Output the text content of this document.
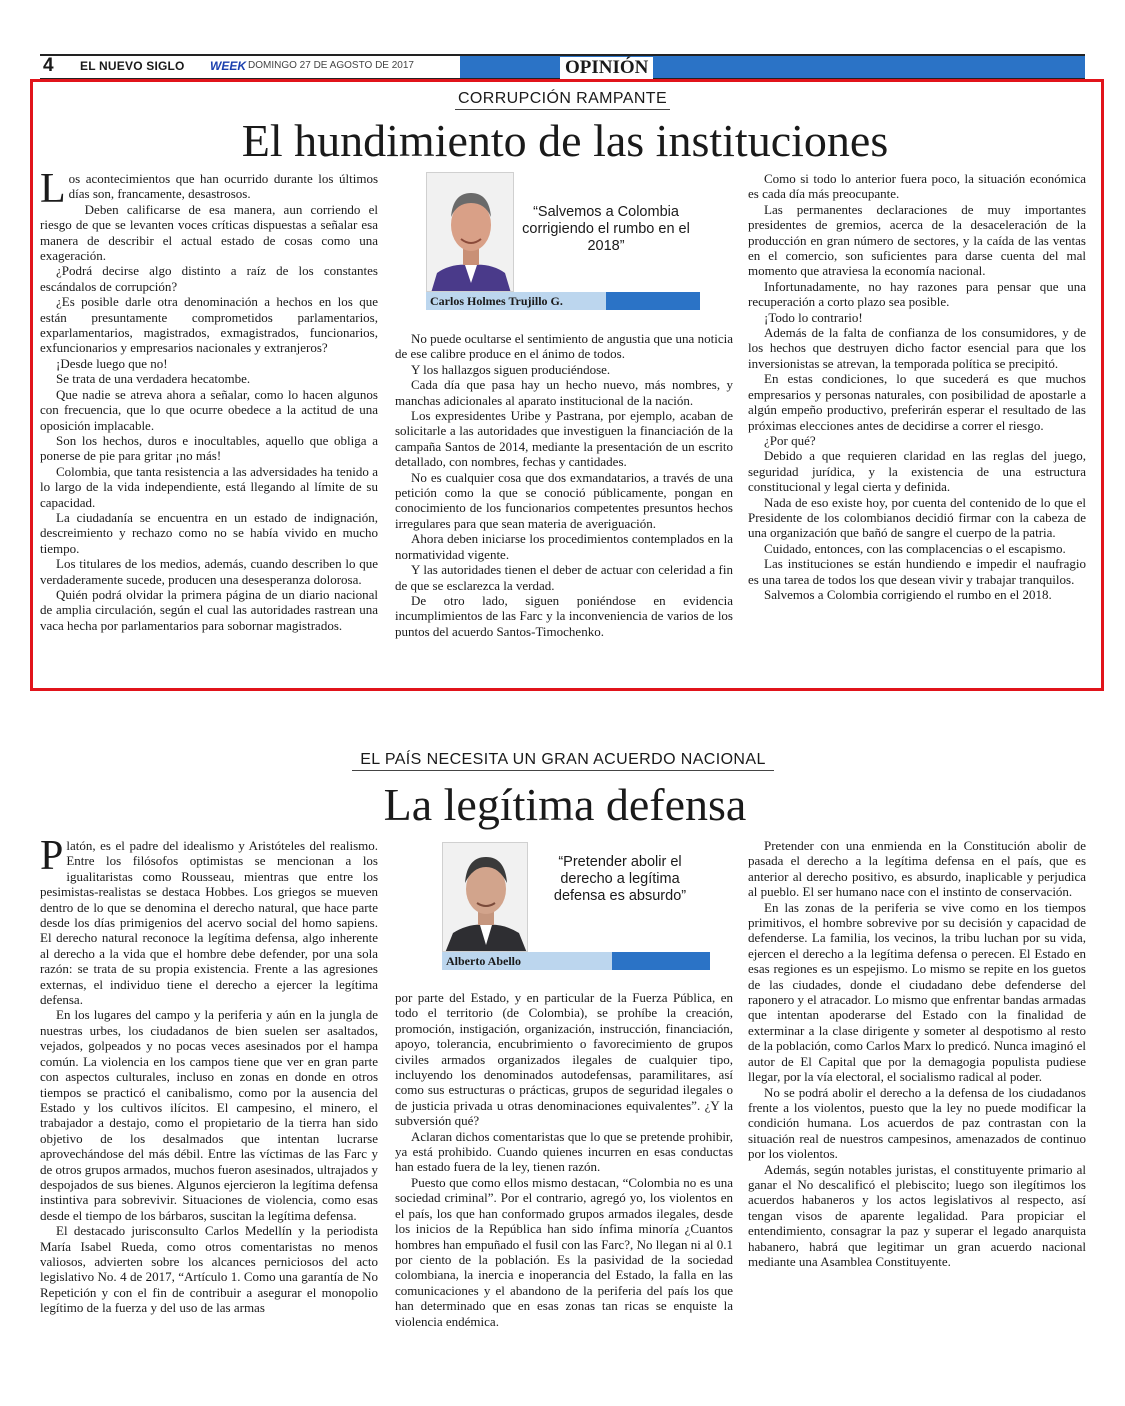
4 EL NUEVO SIGLO WEEK DOMINGO 27 DE AGOSTO DE 2017	OPINIÓN
CORRUPCIÓN RAMPANTE
El hundimiento de las instituciones

Los acontecimientos que han ocurrido durante los últimos días son, francamente, desastrosos.

Deben calificarse de esa manera, aun corriendo el riesgo de que se levanten voces críticas dispuestas a señalar esa manera de describir el actual estado de cosas como una exageración.

¿Podrá decirse algo distinto a raíz de los constantes escándalos de corrupción?

¿Es posible darle otra denominación a hechos en los que están presuntamente comprometidos parlamentarios, exparlamentarios, magistrados, exmagistrados, funcionarios, exfuncionarios y empresarios nacionales y extranjeros?

¡Desde luego que no!

Se trata de una verdadera hecatombe.

Que nadie se atreva ahora a señalar, como lo hacen algunos con frecuencia, que lo que ocurre obedece a la actitud de una oposición implacable.

Son los hechos, duros e inocultables, aquello que obliga a ponerse de pie para gritar ¡no más!

Colombia, que tanta resistencia a las adversidades ha tenido a lo largo de la vida independiente, está llegando al límite de su capacidad.

La ciudadanía se encuentra en un estado de indignación, descreimiento y rechazo como no se había vivido en mucho tiempo.

Los titulares de los medios, además, cuando describen lo que verdaderamente sucede, producen una desesperanza dolorosa.

Quién podrá olvidar la primera página de un diario nacional de amplia circulación, según el cual las autoridades rastrean una vaca hecha por parlamentarios para sobornar magistrados.

Carlos Holmes Trujillo G.
“Salvemos a Colombia corrigiendo el rumbo en el 2018”

No puede ocultarse el sentimiento de angustia que una noticia de ese calibre produce en el ánimo de todos.

Y los hallazgos siguen produciéndose.

Cada día que pasa hay un hecho nuevo, más nombres, y manchas adicionales al aparato institucional de la nación.

Los expresidentes Uribe y Pastrana, por ejemplo, acaban de solicitarle a las autoridades que investiguen la financiación de la campaña Santos de 2014, mediante la presentación de un escrito detallado, con nombres, fechas y cantidades.

No es cualquier cosa que dos exmandatarios, a través de una petición como la que se conoció públicamente, pongan en conocimiento de los funcionarios competentes presuntos hechos irregulares para que sean materia de averiguación.

Ahora deben iniciarse los procedimientos contemplados en la normatividad vigente.

Y las autoridades tienen el deber de actuar con celeridad a fin de que se esclarezca la verdad.

De otro lado, siguen poniéndose en evidencia incumplimientos de las Farc y la inconveniencia de varios de los puntos del acuerdo Santos-Timochenko.

Como si todo lo anterior fuera poco, la situación económica es cada día más preocupante.

Las permanentes declaraciones de muy importantes presidentes de gremios, acerca de la desaceleración de la producción en gran número de sectores, y la caída de las ventas en el comercio, son suficientes para darse cuenta del mal momento que atraviesa la economía nacional.

Infortunadamente, no hay razones para pensar que una recuperación a corto plazo sea posible.

¡Todo lo contrario!

Además de la falta de confianza de los consumidores, y de los hechos que destruyen dicho factor esencial para que los inversionistas se atrevan, la temporada política se precipitó.

En estas condiciones, lo que sucederá es que muchos empresarios y personas naturales, con posibilidad de apostarle a algún empeño productivo, preferirán esperar el resultado de las próximas elecciones antes de decidirse a correr el riesgo.

¿Por qué?

Debido a que requieren claridad en las reglas del juego, seguridad jurídica, y la existencia de una estructura constitucional y legal cierta y definida.

Nada de eso existe hoy, por cuenta del contenido de lo que el Presidente de los colombianos decidió firmar con la cabeza de una organización que bañó de sangre el cuerpo de la patria.

Cuidado, entonces, con las complacencias o el escapismo.

Las instituciones se están hundiendo e impedir el naufragio es una tarea de todos los que desean vivir y trabajar tranquilos.

Salvemos a Colombia corrigiendo el rumbo en el 2018.

EL PAÍS NECESITA UN GRAN ACUERDO NACIONAL
La legítima defensa

Platón, es el padre del idealismo y Aristóteles del realismo. Entre los filósofos optimistas se mencionan a los igualitaristas como Rousseau, mientras que entre los pesimistas-realistas se destaca Hobbes. Los griegos se mueven dentro de lo que se denomina el derecho natural, que hace parte desde los días primigenios del acervo social del homo sapiens. El derecho natural reconoce la legítima defensa, algo inherente al derecho a la vida que el hombre debe defender, por una sola razón: se trata de su propia existencia. Frente a las agresiones externas, el individuo tiene el derecho a ejercer la legítima defensa.

En los lugares del campo y la periferia y aún en la jungla de nuestras urbes, los ciudadanos de bien suelen ser asaltados, vejados, golpeados y no pocas veces asesinados por el hampa común. La violencia en los campos tiene que ver en gran parte con aspectos culturales, incluso en zonas en donde en otros tiempos se practicó el canibalismo, como por la ausencia del Estado y los cultivos ilícitos. El campesino, el minero, el trabajador a destajo, como el propietario de la tierra han sido objetivo de los desalmados que intentan lucrarse aprovechándose del más débil. Entre las víctimas de las Farc y de otros grupos armados, muchos fueron asesinados, ultrajados y despojados de sus bienes. Algunos ejercieron la legítima defensa instintiva para sobrevivir. Situaciones de violencia, como esas desde el tiempo de los bárbaros, suscitan la legítima defensa.

El destacado jurisconsulto Carlos Medellín y la periodista María Isabel Rueda, como otros comentaristas no menos valiosos, advierten sobre los alcances perniciosos del acto legislativo No. 4 de 2017, “Artículo 1. Como una garantía de No Repetición y con el fin de contribuir a asegurar el monopolio legítimo de la fuerza y del uso de las armas

Alberto Abello
“Pretender abolir el derecho a legítima defensa es absurdo”

por parte del Estado, y en particular de la Fuerza Pública, en todo el territorio (de Colombia), se prohíbe la creación, promoción, instigación, organización, instrucción, financiación, apoyo, tolerancia, encubrimiento o favorecimiento de grupos civiles armados organizados ilegales de cualquier tipo, incluyendo los denominados autodefensas, paramilitares, así como sus estructuras o prácticas, grupos de seguridad ilegales o de justicia privada u otras denominaciones equivalentes”. ¿Y la subversión qué?

Aclaran dichos comentaristas que lo que se pretende prohibir, ya está prohibido. Cuando quienes incurren en esas conductas han estado fuera de la ley, tienen razón.

Puesto que como ellos mismo destacan, “Colombia no es una sociedad criminal”. Por el contrario, agregó yo, los violentos en el país, los que han conformado grupos armados ilegales, desde los inicios de la República han sido ínfima minoría ¿Cuantos hombres han empuñado el fusil con las Farc?, No llegan ni al 0.1 por ciento de la población. Es la pasividad de la sociedad colombiana, la inercia e inoperancia del Estado, la falla en las comunicaciones y el abandono de la periferia del país los que han determinado que en esas zonas tan ricas se enquiste la violencia endémica.

Pretender con una enmienda en la Constitución abolir de pasada el derecho a la legítima defensa en el país, que es anterior al derecho positivo, es absurdo, inaplicable y perjudica al pueblo. El ser humano nace con el instinto de conservación.

En las zonas de la periferia se vive como en los tiempos primitivos, el hombre sobrevive por su decisión y capacidad de defenderse. La familia, los vecinos, la tribu luchan por su vida, ejercen el derecho a la legítima defensa o perecen. El Estado en esas regiones es un espejismo. Lo mismo se repite en los guetos de las ciudades, donde el ciudadano debe defenderse del raponero y el atracador. Lo mismo que enfrentar bandas armadas que intentan apoderarse del Estado con la finalidad de exterminar a la clase dirigente y someter al despotismo al resto de la población, como Carlos Marx lo predicó. Nunca imaginó el autor de El Capital que por la demagogia populista pudiese llegar, por la vía electoral, el socialismo radical al poder.

No se podrá abolir el derecho a la defensa de los ciudadanos frente a los violentos, puesto que la ley no puede modificar la condición humana. Los acuerdos de paz contrastan con la situación real de nuestros campesinos, amenazados de continuo por los violentos.

Además, según notables juristas, el constituyente primario al ganar el No descalificó el plebiscito; luego son ilegítimos los acuerdos habaneros y los actos legislativos al respecto, así tengan visos de aparente legalidad. Para propiciar el entendimiento, consagrar la paz y superar el legado anarquista habanero, habrá que legitimar un gran acuerdo nacional mediante una Asamblea Constituyente.
